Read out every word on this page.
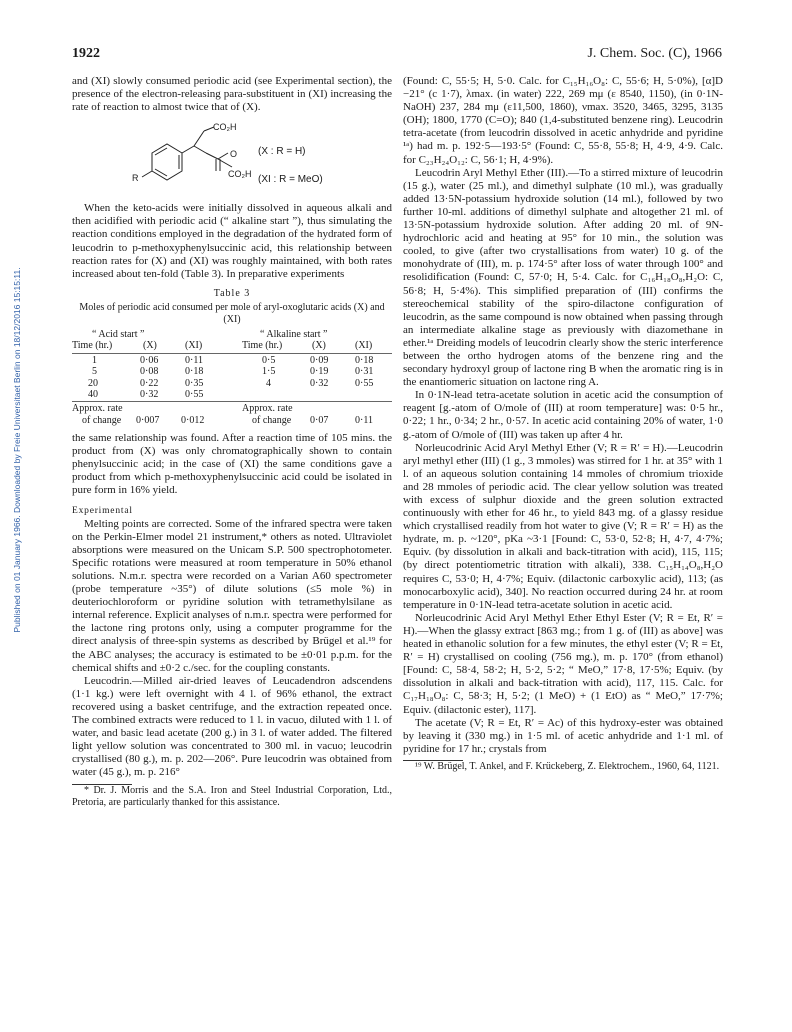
1922	J. Chem. Soc. (C), 1966
Published on 01 January 1966. Downloaded by Freie Universitaet Berlin on 18/12/2016 15:15:11.

and (XI) slowly consumed periodic acid (see Experimental section), the presence of the electron-releasing para-substituent in (XI) increasing the rate of reaction to almost twice that of (X).

CO₂H
O
CO₂H
R
(X : R = H)
(XI : R = MeO)

When the keto-acids were initially dissolved in aqueous alkali and then acidified with periodic acid (“ alkaline start ”), thus simulating the reaction conditions employed in the degradation of the hydrated form of leucodrin to p-methoxyphenylsuccinic acid, this relationship between reaction rates for (X) and (XI) was roughly maintained, with both rates increased about ten-fold (Table 3). In preparative experiments

Table 3
Moles of periodic acid consumed per mole of aryl-oxoglutaric acids (X) and (XI)
“ Acid start ”	“ Alkaline start ”
Time (hr.)	(X)	(XI)	Time (hr.)	(X)	(XI)
1	0·06	0·11	0·5	0·09	0·18
5	0·08	0·18	1·5	0·19	0·31
20	0·22	0·35	4	0·32	0·55
40	0·32	0·55
Approx. rate	Approx. rate
of change 0·007 0·012	of change 0·07	0·11

the same relationship was found. After a reaction time of 105 mins. the product from (X) was only chromatographically shown to contain phenylsuccinic acid; in the case of (XI) the same conditions gave a product from which p-methoxyphenylsuccinic acid could be isolated in pure form in 16% yield.

Experimental

Melting points are corrected. Some of the infrared spectra were taken on the Perkin-Elmer model 21 instrument,* others as noted. Ultraviolet absorptions were measured on the Unicam S.P. 500 spectrophotometer. Specific rotations were measured at room temperature in 50% ethanol solutions. N.m.r. spectra were recorded on a Varian A60 spectrometer (probe temperature ~35°) of dilute solutions (≤5 mole %) in deuteriochloroform or pyridine solution with tetramethylsilane as internal reference. Explicit analyses of n.m.r. spectra were performed for the lactone ring protons only, using a computer programme for the direct analysis of three-spin systems as described by Brügel et al.¹⁹ for the ABC analyses; the accuracy is estimated to be ±0·01 p.p.m. for the chemical shifts and ±0·2 c./sec. for the coupling constants.

Leucodrin.—Milled air-dried leaves of Leucadendron adscendens (1·1 kg.) were left overnight with 4 l. of 96% ethanol, the extract recovered using a basket centrifuge, and the extraction repeated once. The combined extracts were reduced to 1 l. in vacuo, diluted with 1 l. of water, and basic lead acetate (200 g.) in 3 l. of water added. The filtered light yellow solution was concentrated to 300 ml. in vacuo; leucodrin crystallised (80 g.), m. p. 202—206°. Pure leucodrin was obtained from water (45 g.), m. p. 216°

* Dr. J. Morris and the S.A. Iron and Steel Industrial Corporation, Ltd., Pretoria, are particularly thanked for this assistance.

(Found: C, 55·5; H, 5·0. Calc. for C₁₅H₁₆O₈: C, 55·6; H, 5·0%), [α]D −21° (c 1·7), λmax. (in water) 222, 269 mμ (ε 8540, 1150), (in 0·1N-NaOH) 237, 284 mμ (ε11,500, 1860), νmax. 3520, 3465, 3295, 3135 (OH); 1800, 1770 (C=O); 840 (1,4-substituted benzene ring). Leucodrin tetra-acetate (from leucodrin dissolved in acetic anhydride and pyridine ¹ᵃ) had m. p. 192·5—193·5° (Found: C, 55·8, 55·8; H, 4·9, 4·9. Calc. for C₂₃H₂₄O₁₂: C, 56·1; H, 4·9%).

Leucodrin Aryl Methyl Ether (III).—To a stirred mixture of leucodrin (15 g.), water (25 ml.), and dimethyl sulphate (10 ml.), was gradually added 13·5N-potassium hydroxide solution (14 ml.), followed by two further 10-ml. additions of dimethyl sulphate and altogether 21 ml. of 13·5N-potassium hydroxide solution. After adding 20 ml. of 9N-hydrochloric acid and heating at 95° for 10 min., the solution was cooled, to give (after two crystallisations from water) 10 g. of the monohydrate of (III), m. p. 174·5° after loss of water through 100° and resolidification (Found: C, 57·0; H, 5·4. Calc. for C₁₆H₁₈O₈,H₂O: C, 56·8; H, 5·4%). This simplified preparation of (III) confirms the stereochemical stability of the spiro-dilactone configuration of leucodrin, as the same compound is now obtained when passing through an intermediate alkaline stage as previously with diazomethane in ether.¹ᵃ Dreiding models of leucodrin clearly show the steric interference between the ortho hydrogen atoms of the benzene ring and the secondary hydroxyl group of lactone ring B when the aromatic ring is in the enantiomeric situation on lactone ring A.

In 0·1N-lead tetra-acetate solution in acetic acid the consumption of reagent [g.-atom of O/mole of (III) at room temperature] was: 0·5 hr., 0·22; 1 hr., 0·34; 2 hr., 0·57. In acetic acid containing 20% of water, 1·0 g.-atom of O/mole of (III) was taken up after 4 hr.

Norleucodrinic Acid Aryl Methyl Ether (V; R = R′ = H).—Leucodrin aryl methyl ether (III) (1 g., 3 mmoles) was stirred for 1 hr. at 35° with 1 l. of an aqueous solution containing 14 mmoles of chromium trioxide and 28 mmoles of periodic acid. The clear yellow solution was treated with excess of sulphur dioxide and the green solution extracted continuously with ether for 46 hr., to yield 843 mg. of a glassy residue which crystallised readily from hot water to give (V; R = R′ = H) as the hydrate, m. p. ~120°, pKa ~3·1 [Found: C, 53·0, 52·8; H, 4·7, 4·7%; Equiv. (by dissolution in alkali and back-titration with acid), 115, 115; (by direct potentiometric titration with alkali), 338. C₁₅H₁₄O₈,H₂O requires C, 53·0; H, 4·7%; Equiv. (dilactonic carboxylic acid), 113; (as monocarboxylic acid), 340]. No reaction occurred during 24 hr. at room temperature in 0·1N-lead tetra-acetate solution in acetic acid.

Norleucodrinic Acid Aryl Methyl Ether Ethyl Ester (V; R = Et, R′ = H).—When the glassy extract [863 mg.; from 1 g. of (III) as above] was heated in ethanolic solution for a few minutes, the ethyl ester (V; R = Et, R′ = H) crystallised on cooling (756 mg.), m. p. 170° (from ethanol) [Found: C, 58·4, 58·2; H, 5·2, 5·2; “ MeO,” 17·8, 17·5%; Equiv. (by dissolution in alkali and back-titration with acid), 117, 115. Calc. for C₁₇H₁₈O₈: C, 58·3; H, 5·2; (1 MeO) + (1 EtO) as “ MeO,” 17·7%; Equiv. (dilactonic ester), 117].

The acetate (V; R = Et, R′ = Ac) of this hydroxy-ester was obtained by leaving it (330 mg.) in 1·5 ml. of acetic anhydride and 1·1 ml. of pyridine for 17 hr.; crystals from

¹⁹ W. Brügel, T. Ankel, and F. Krückeberg, Z. Elektrochem., 1960, 64, 1121.
